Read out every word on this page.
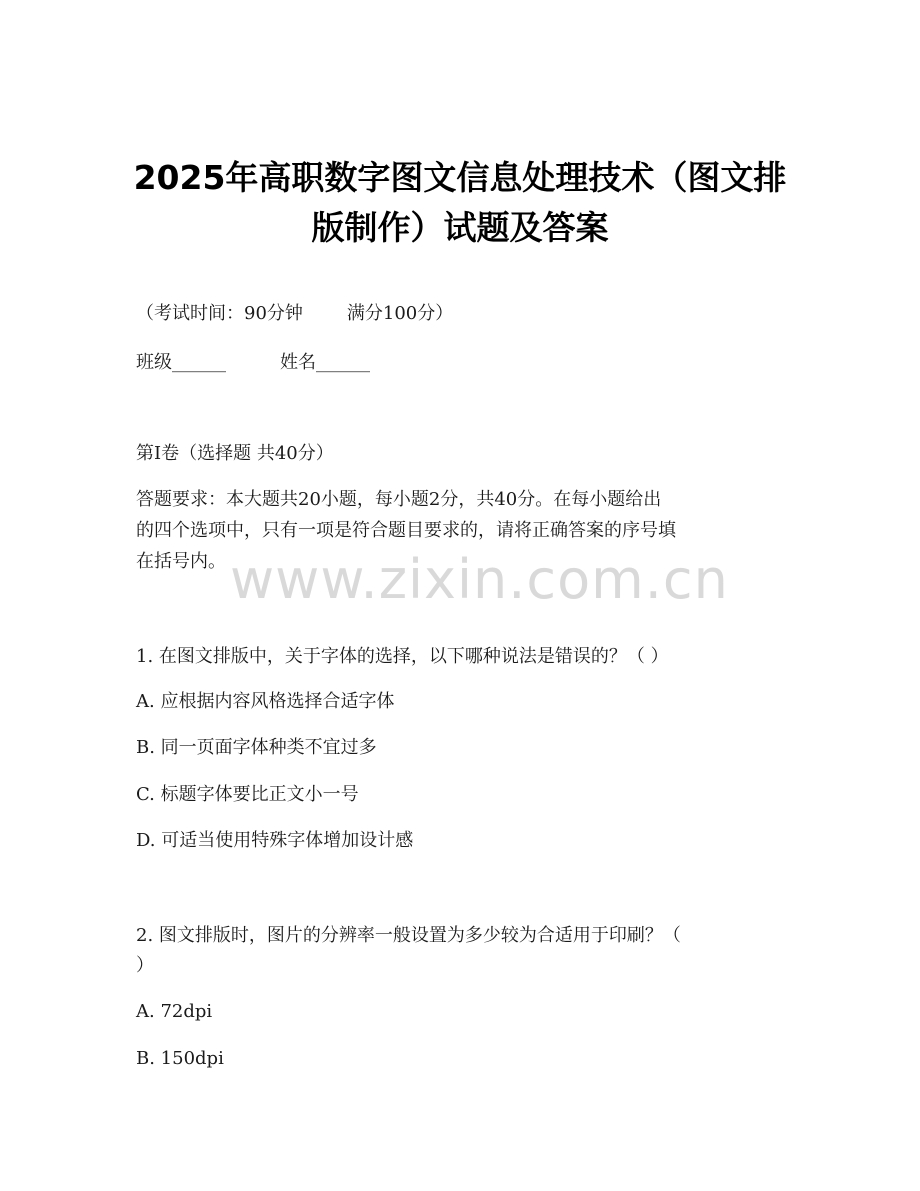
2025年高职数字图文信息处理技术（图文排
版制作）试题及答案
（考试时间：90分钟 满分100分）
班级______	姓名______
第I卷（选择题 共40分）
答题要求：本大题共20小题，每小题2分，共40分。在每小题给出
的四个选项中，只有一项是符合题目要求的，请将正确答案的序号填
在括号内。 www.zixin.com.cn
1. 在图文排版中，关于字体的选择，以下哪种说法是错误的？（ ）
A. 应根据内容风格选择合适字体
B. 同一页面字体种类不宜过多
C. 标题字体要比正文小一号
D. 可适当使用特殊字体增加设计感
2. 图文排版时，图片的分辨率一般设置为多少较为合适用于印刷？（
）
A. 72dpi
B. 150dpi
